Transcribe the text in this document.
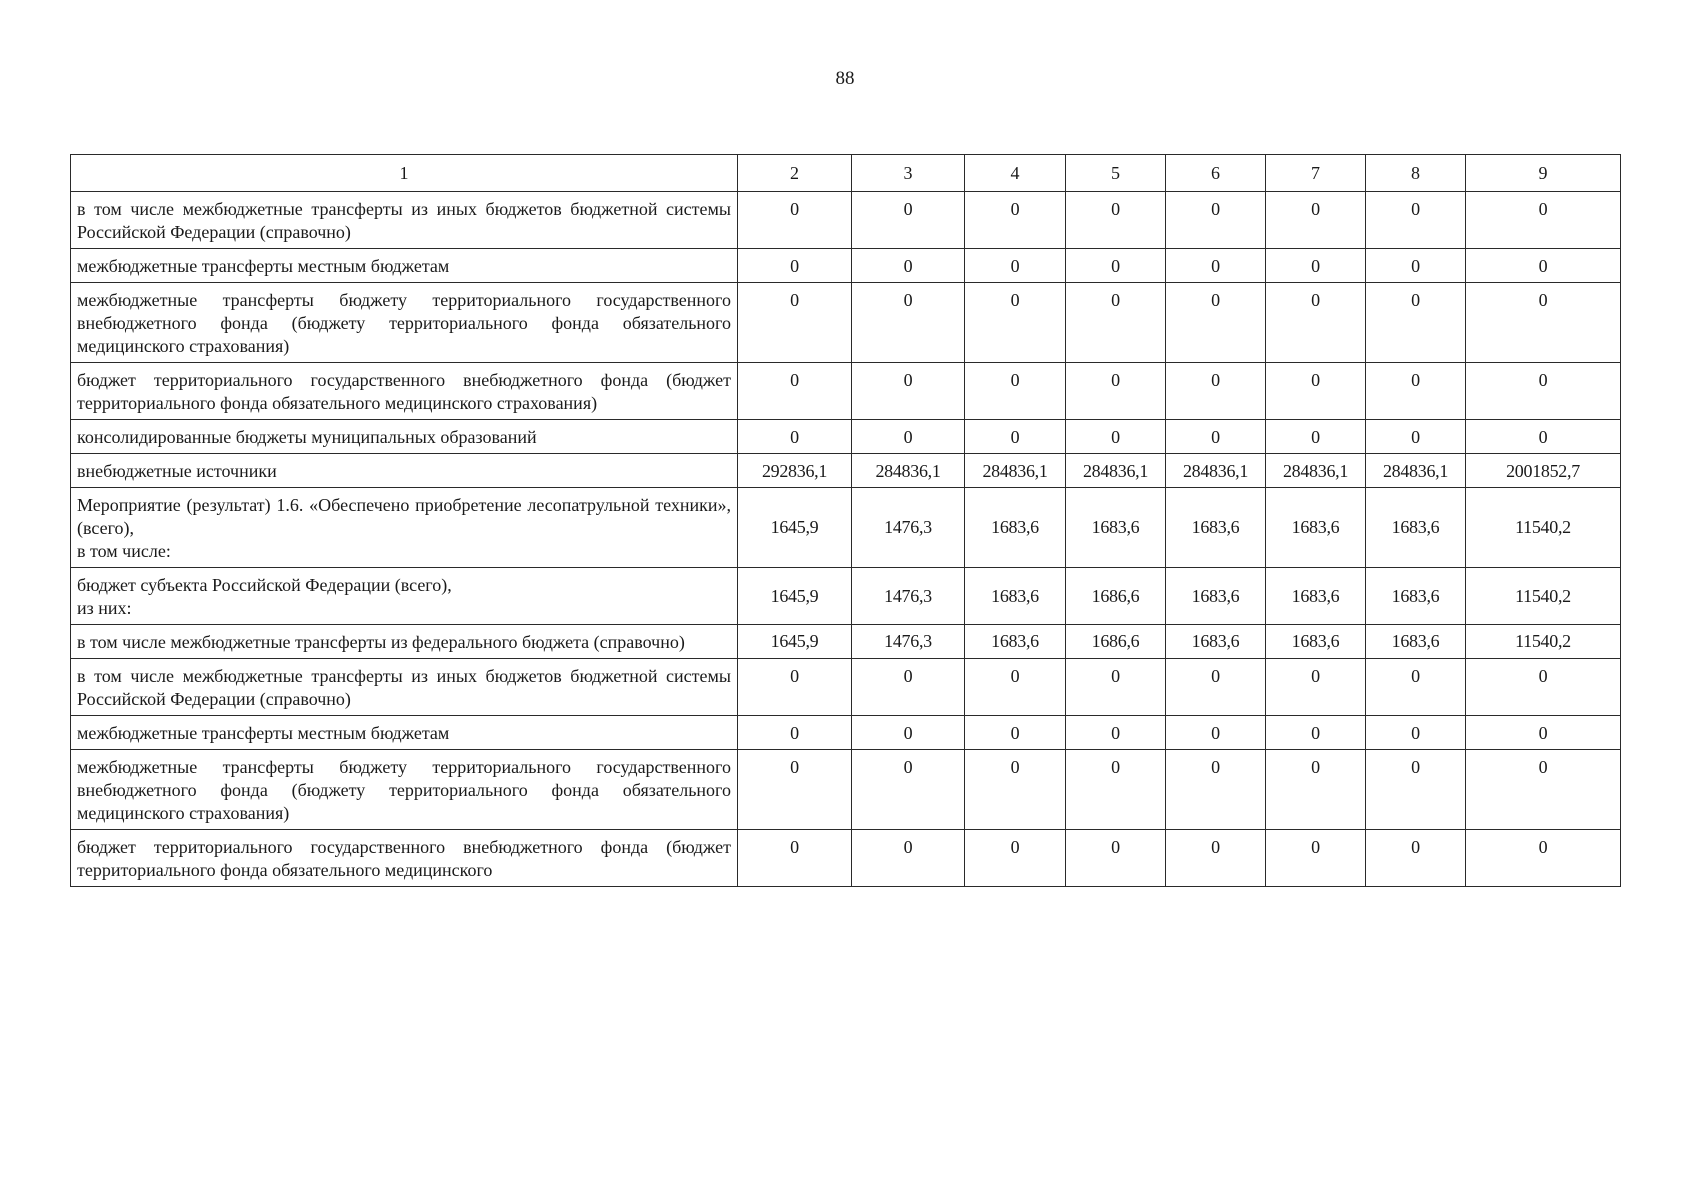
88
1	2	3	4	5	6	7	8	9

в том числе межбюджетные трансферты из иных бюджетов бюджетной системы Российской Федерации (справочно)	0	0	0	0	0	0	0	0

межбюджетные трансферты местным бюджетам	0	0	0	0	0	0	0	0

межбюджетные трансферты бюджету территориального государственного внебюджетного фонда (бюджету территориального фонда обязательного медицинского страхования)	0	0	0	0	0	0	0	0

бюджет территориального государственного внебюджетного фонда (бюджет территориального фонда обязательного медицинского страхования)	0	0	0	0	0	0	0	0

консолидированные бюджеты муниципальных образований	0	0	0	0	0	0	0	0

внебюджетные источники	292836,1	284836,1	284836,1	284836,1	284836,1	284836,1	284836,1	2001852,7

Мероприятие (результат) 1.6. «Обеспечено приобретение лесопатрульной техники», (всего),
в том числе:	1645,9	1476,3	1683,6	1683,6	1683,6	1683,6	1683,6	11540,2

бюджет субъекта Российской Федерации (всего),
из них:	1645,9	1476,3	1683,6	1686,6	1683,6	1683,6	1683,6	11540,2

в том числе межбюджетные трансферты из федерального бюджета (справочно)	1645,9	1476,3	1683,6	1686,6	1683,6	1683,6	1683,6	11540,2

в том числе межбюджетные трансферты из иных бюджетов бюджетной системы Российской Федерации (справочно)	0	0	0	0	0	0	0	0

межбюджетные трансферты местным бюджетам	0	0	0	0	0	0	0	0

межбюджетные трансферты бюджету территориального государственного внебюджетного фонда (бюджету территориального фонда обязательного медицинского страхования)	0	0	0	0	0	0	0	0

бюджет территориального государственного внебюджетного фонда (бюджет территориального фонда обязательного медицинского	0	0	0	0	0	0	0	0
